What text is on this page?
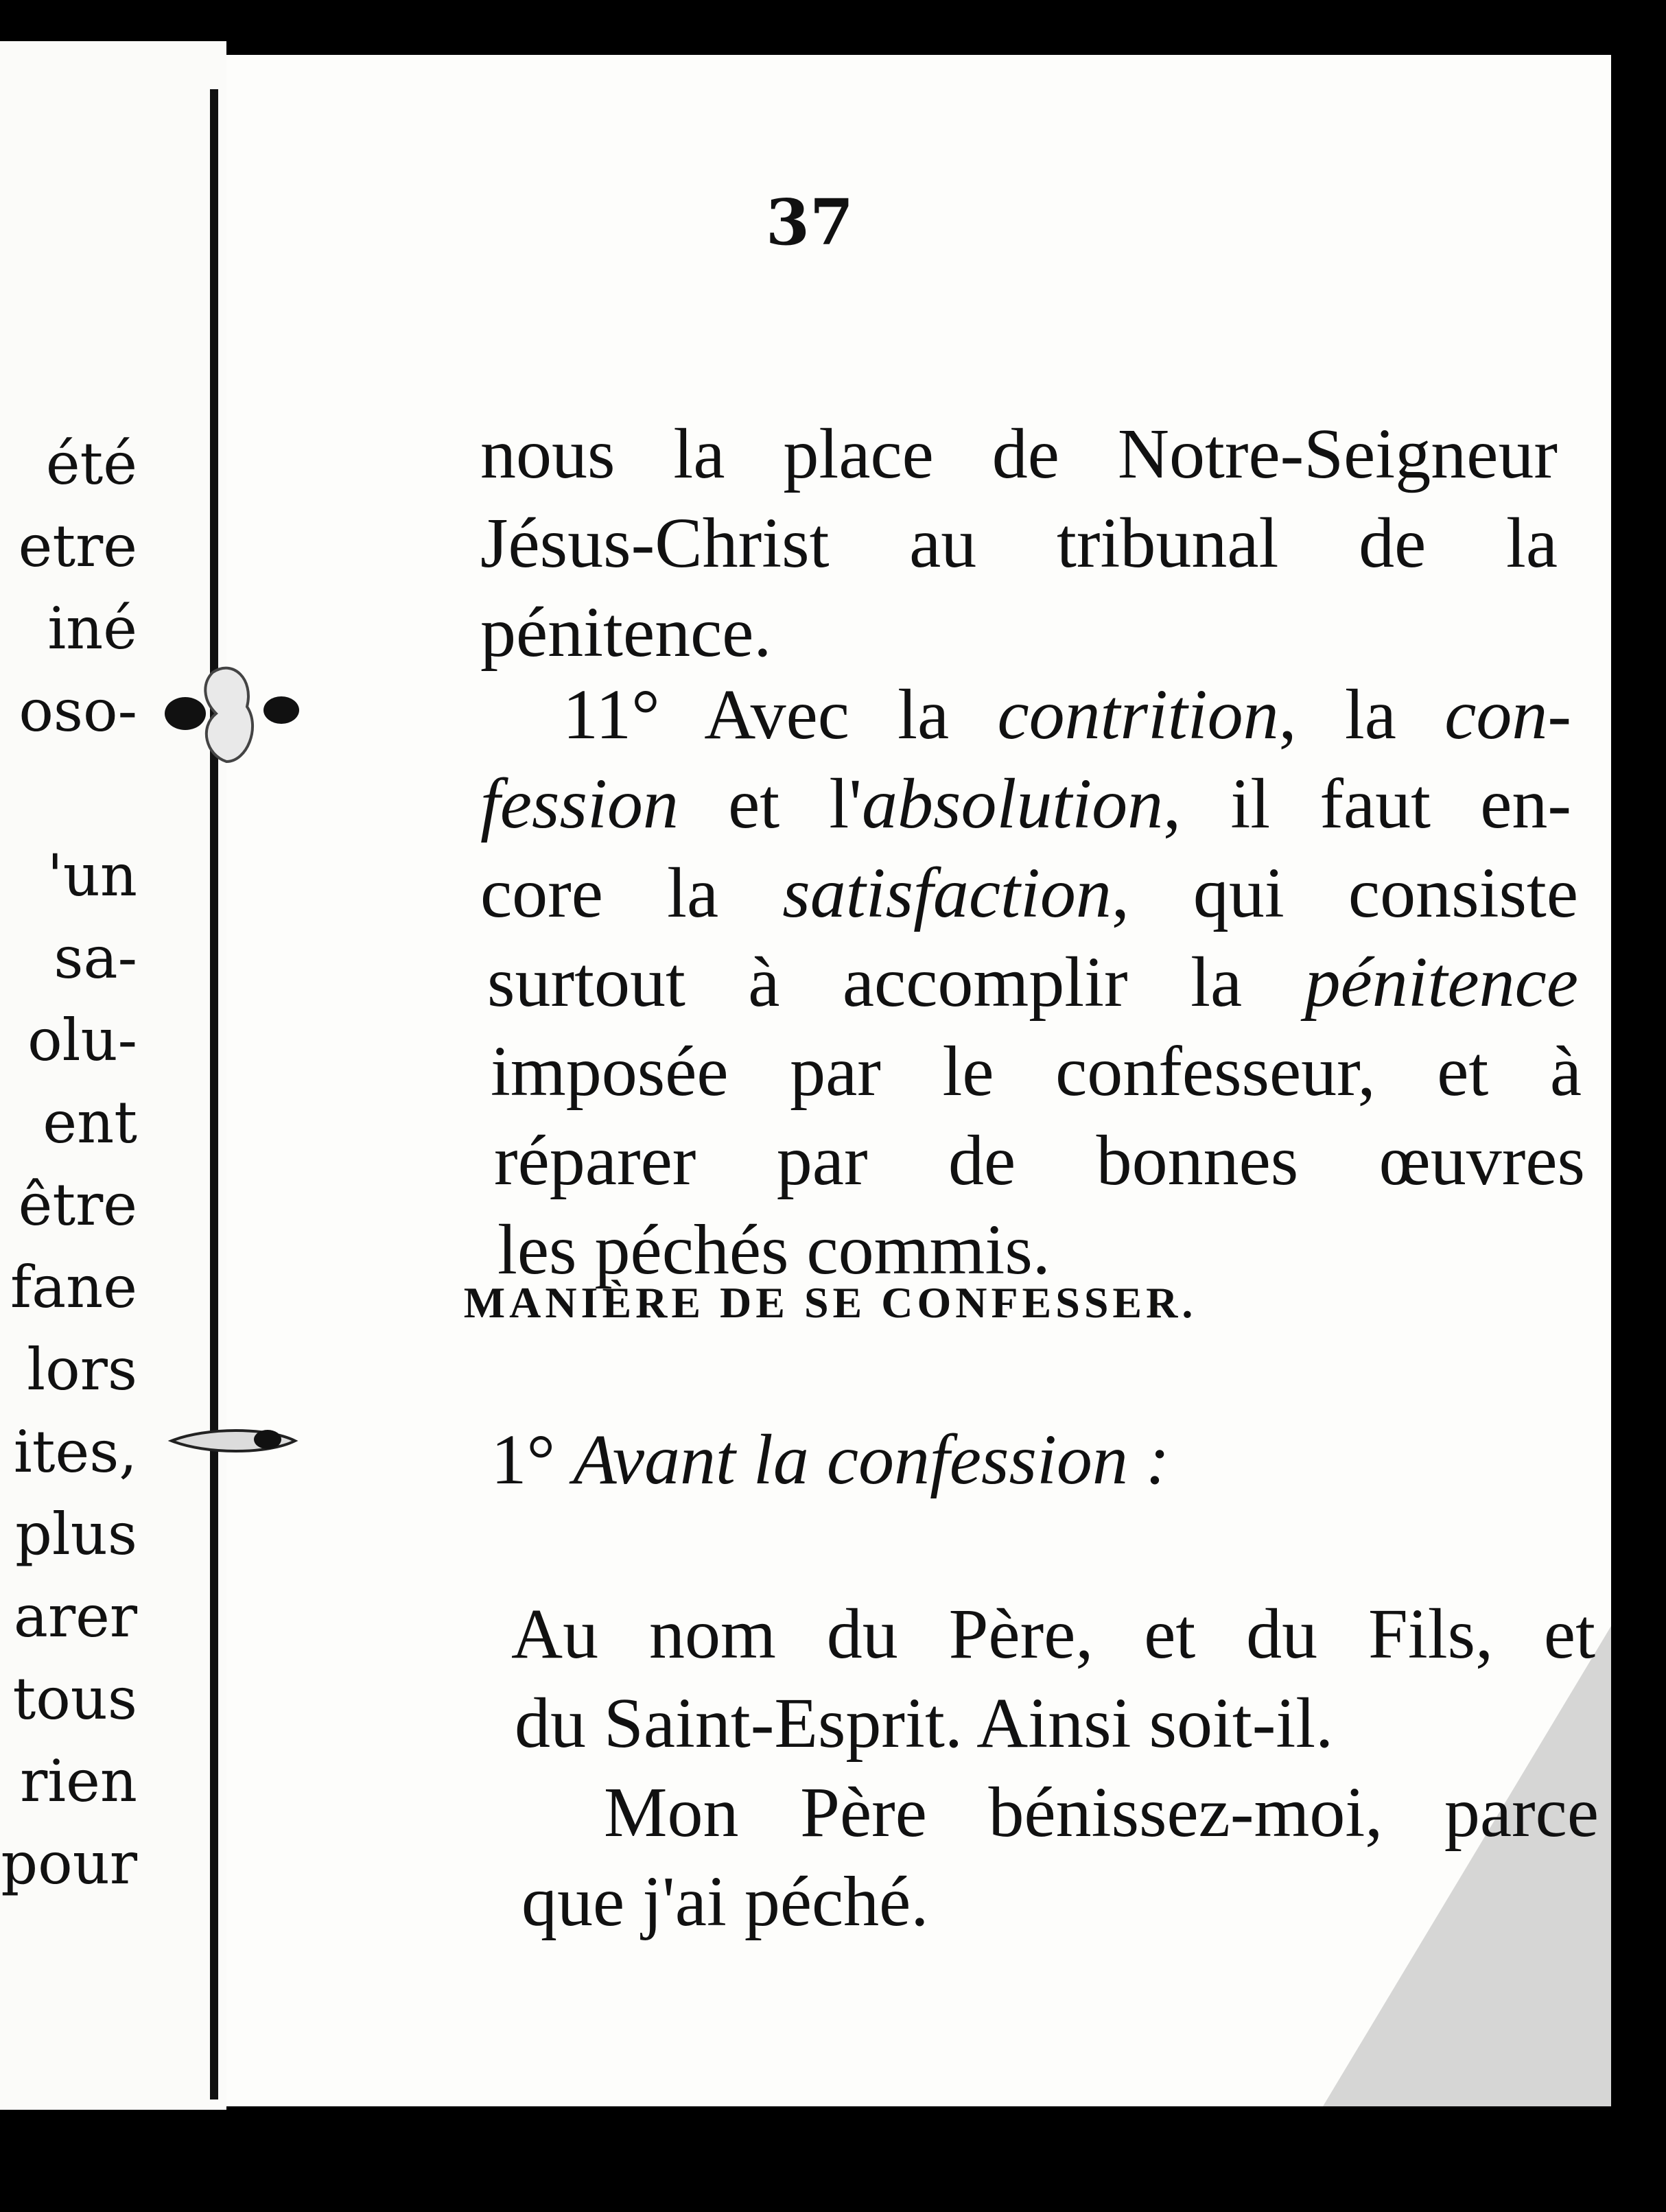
été
etre
iné
oso-
'un
sa-
olu-
ent
être
fane
lors
ites,
plus
arer
tous
rien
pour
37
nous la place de Notre-Seigneur
Jésus-Christ au tribunal de la
pénitence.
11° Avec la contrition, la con-
fession et l'absolution, il faut en-
core la satisfaction, qui consiste
surtout à accomplir la pénitence
imposée par le confesseur, et à
réparer par de bonnes œuvres
les péchés commis.
MANIÈRE DE SE CONFESSER.
1° Avant la confession :
Au nom du Père, et du Fils, et
du Saint-Esprit. Ainsi soit-il.
Mon Père bénissez-moi, parce
que j'ai péché.
